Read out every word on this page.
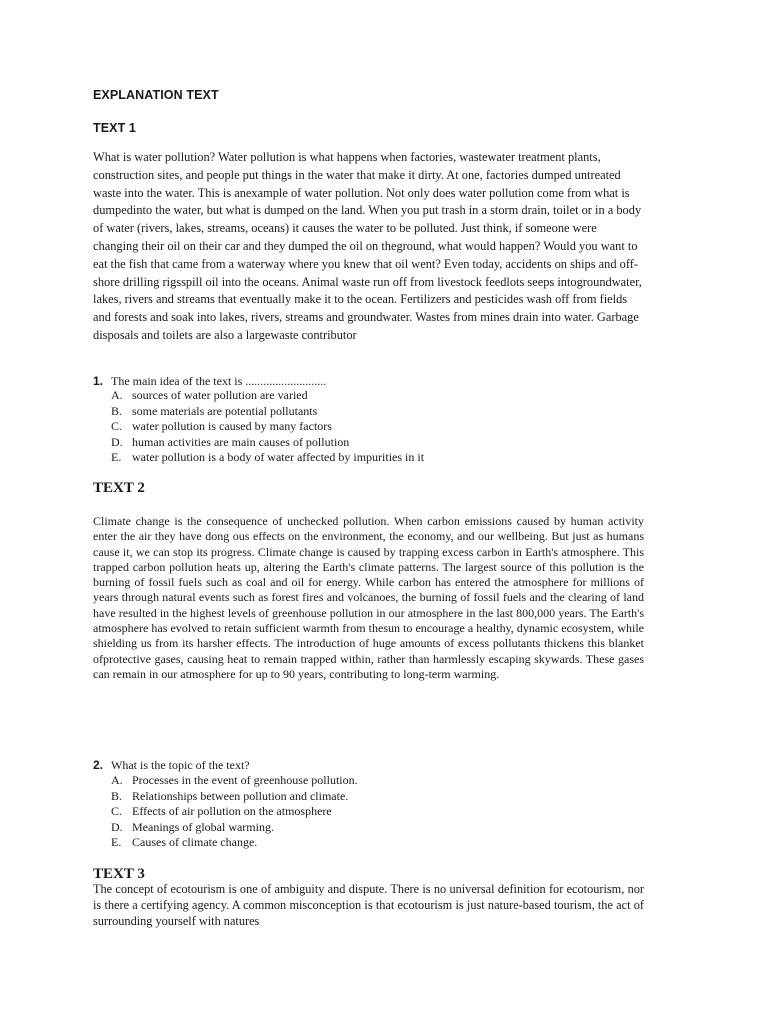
EXPLANATION TEXT
TEXT 1

What is water pollution? Water pollution is what happens when factories, wastewater treatment plants, construction sites, and people put things in the water that make it dirty. At one, factories dumped untreated waste into the water. This is anexample of water pollution. Not only does water pollution come from what is dumpedinto the water, but what is dumped on the land. When you put trash in a storm drain, toilet or in a body of water (rivers, lakes, streams, oceans) it causes the water to be polluted. Just think, if someone were changing their oil on their car and they dumped the oil on theground, what would happen? Would you want to eat the fish that came from a waterway where you knew that oil went? Even today, accidents on ships and off-shore drilling rigsspill oil into the oceans. Animal waste run off from livestock feedlots seeps intogroundwater, lakes, rivers and streams that eventually make it to the ocean. Fertilizers and pesticides wash off from fields and forests and soak into lakes, rivers, streams and groundwater. Wastes from mines drain into water. Garbage disposals and toilets are also a largewaste contributor

1. The main idea of the text is ...........................
A. sources of water pollution are varied
B. some materials are potential pollutants
C. water pollution is caused by many factors
D. human activities are main causes of pollution
E. water pollution is a body of water affected by impurities in it
TEXT 2

Climate change is the consequence of unchecked pollution. When carbon emissions caused by human activity enter the air they have dong ous effects on the environment, the economy, and our wellbeing. But just as humans cause it, we can stop its progress. Climate change is caused by trapping excess carbon in Earth's atmosphere. This trapped carbon pollution heats up, altering the Earth's climate patterns. The largest source of this pollution is the burning of fossil fuels such as coal and oil for energy. While carbon has entered the atmosphere for millions of years through natural events such as forest fires and volcanoes, the burning of fossil fuels and the clearing of land have resulted in the highest levels of greenhouse pollution in our atmosphere in the last 800,000 years. The Earth's atmosphere has evolved to retain sufficient warmth from thesun to encourage a healthy, dynamic ecosystem, while shielding us from its harsher effects. The introduction of huge amounts of excess pollutants thickens this blanket ofprotective gases, causing heat to remain trapped within, rather than harmlessly escaping skywards. These gases can remain in our atmosphere for up to 90 years, contributing to long-term warming.

2. What is the topic of the text?
A. Processes in the event of greenhouse pollution.
B. Relationships between pollution and climate.
C. Effects of air pollution on the atmosphere
D. Meanings of global warming.
E. Causes of climate change.
TEXT 3

The concept of ecotourism is one of ambiguity and dispute. There is no universal definition for ecotourism, nor is there a certifying agency. A common misconception is that ecotourism is just nature-based tourism, the act of surrounding yourself with natures
